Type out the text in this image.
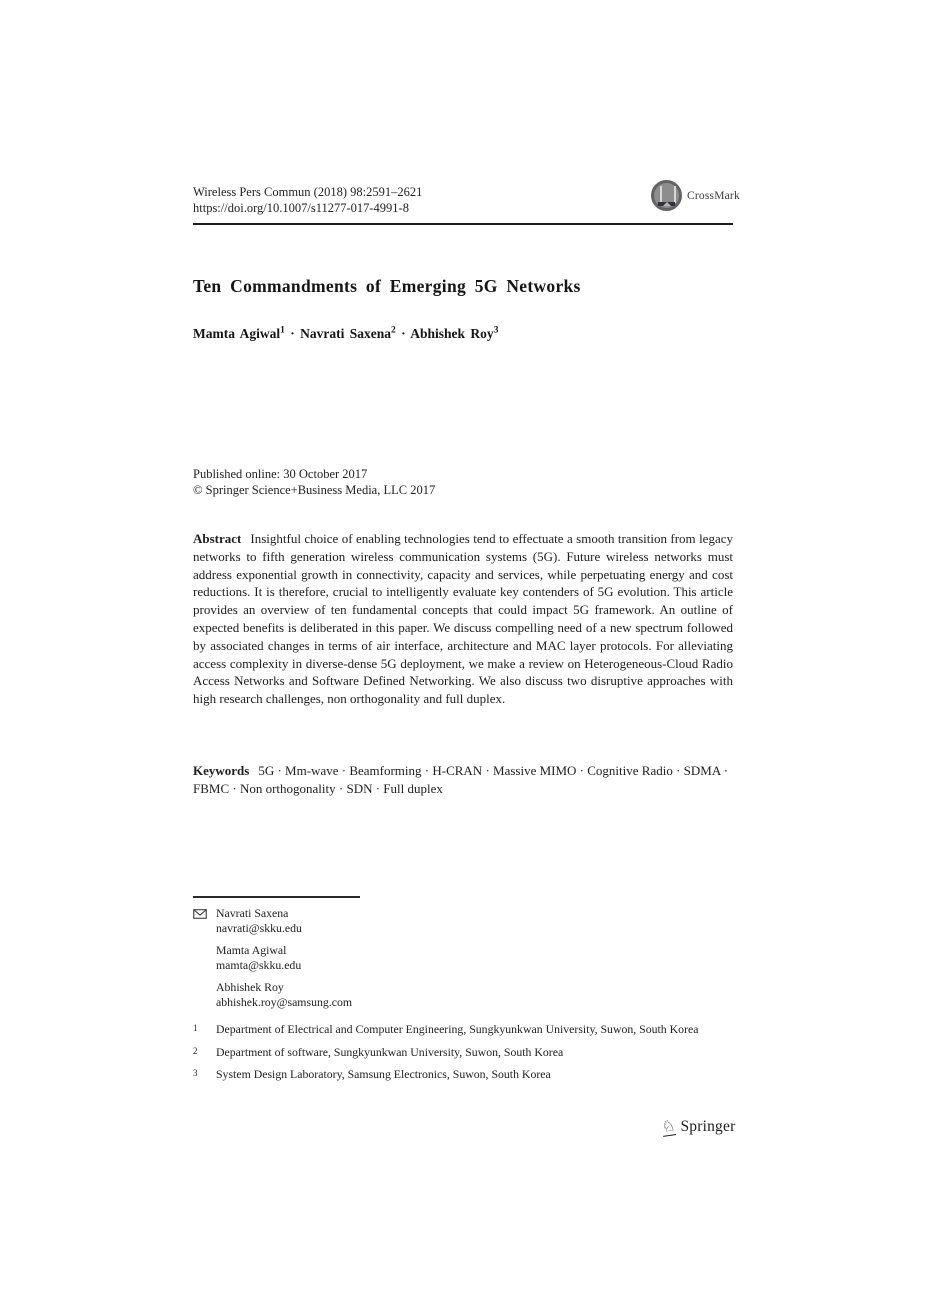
Wireless Pers Commun (2018) 98:2591–2621
https://doi.org/10.1007/s11277-017-4991-8
CrossMark
Ten Commandments of Emerging 5G Networks
Mamta Agiwal$^1$ · Navrati Saxena$^2$ · Abhishek Roy$^3$
Published online: 30 October 2017
© Springer Science+Business Media, LLC 2017
Abstract Insightful choice of enabling technologies tend to effectuate a smooth transition from legacy networks to fifth generation wireless communication systems (5G). Future wireless networks must address exponential growth in connectivity, capacity and services, while perpetuating energy and cost reductions. It is therefore, crucial to intelligently evaluate key contenders of 5G evolution. This article provides an overview of ten fundamental concepts that could impact 5G framework. An outline of expected benefits is deliberated in this paper. We discuss compelling need of a new spectrum followed by associated changes in terms of air interface, architecture and MAC layer protocols. For alleviating access complexity in diverse-dense 5G deployment, we make a review on Heterogeneous-Cloud Radio Access Networks and Software Defined Networking. We also discuss two disruptive approaches with high research challenges, non orthogonality and full duplex.
Keywords 5G · Mm-wave · Beamforming · H-CRAN · Massive MIMO · Cognitive Radio · SDMA · FBMC · Non orthogonality · SDN · Full duplex
Navrati Saxena
navrati@skku.edu
Mamta Agiwal
mamta@skku.edu
Abhishek Roy
abhishek.roy@samsung.com
1	Department of Electrical and Computer Engineering, Sungkyunkwan University, Suwon, South Korea
2	Department of software, Sungkyunkwan University, Suwon, South Korea
3	System Design Laboratory, Samsung Electronics, Suwon, South Korea
♘ Springer
